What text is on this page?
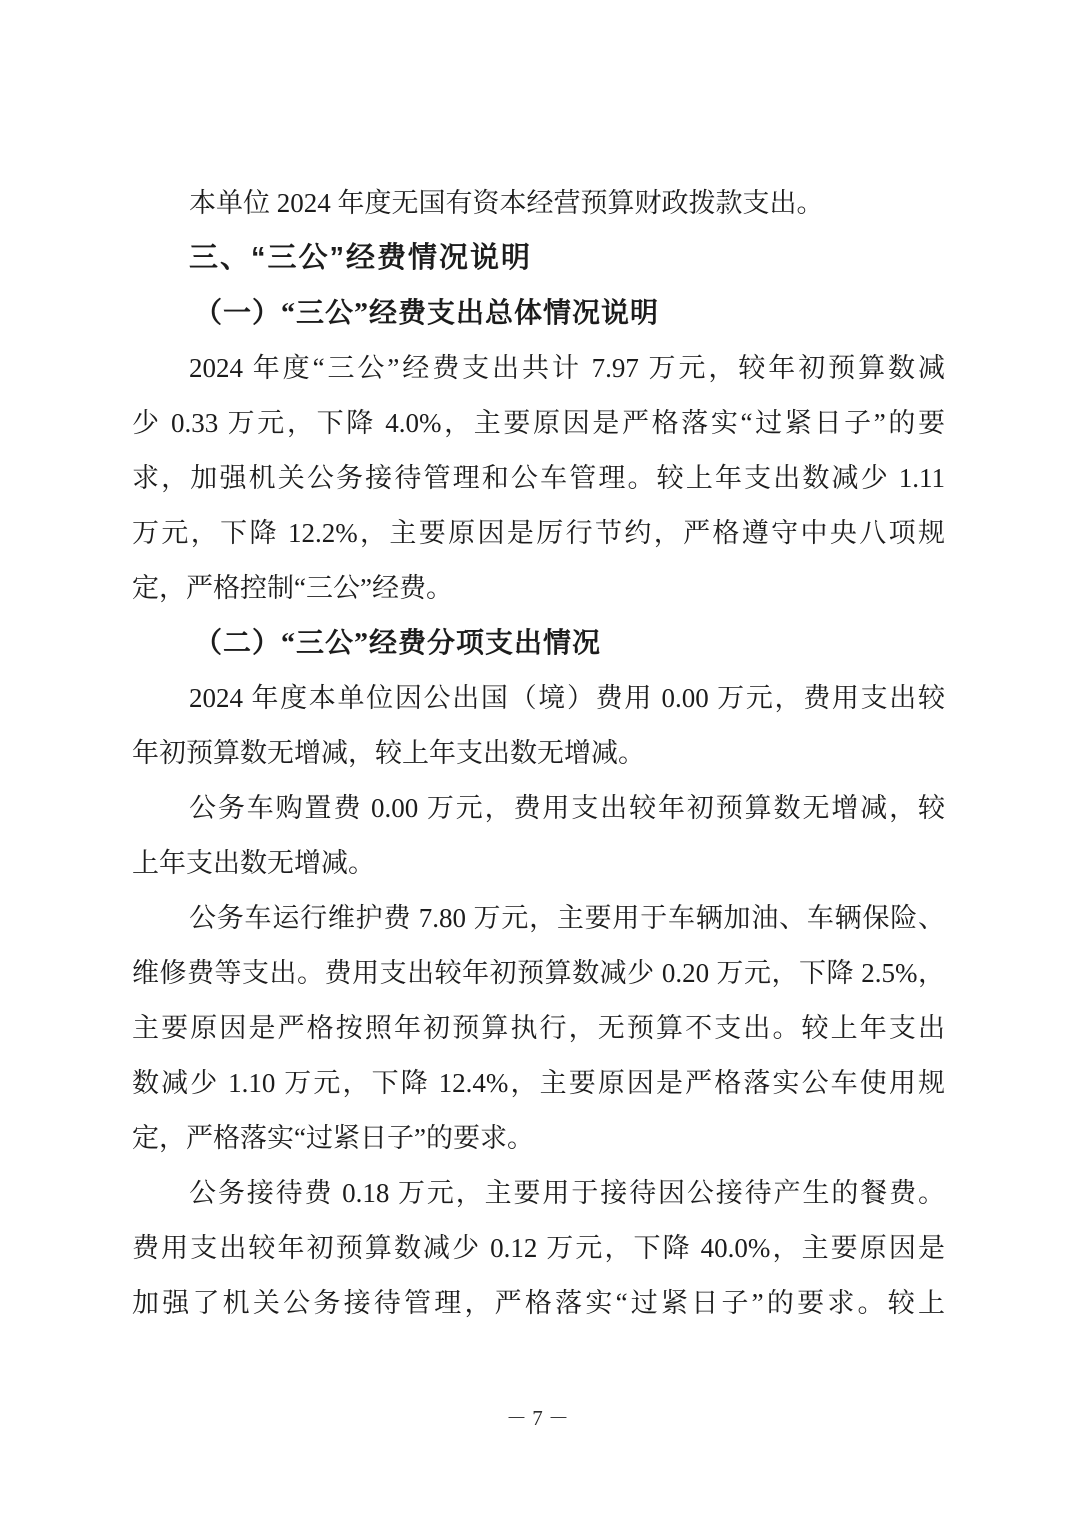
本单位 2024 年度无国有资本经营预算财政拨款支出。
三、“三公”经费情况说明
（一）“三公”经费支出总体情况说明
2024 年度“三公”经费支出共计 7.97 万元，较年初预算数减
少 0.33 万元，下降 4.0%，主要原因是严格落实“过紧日子”的要
求，加强机关公务接待管理和公车管理。较上年支出数减少 1.11
万元，下降 12.2%，主要原因是厉行节约，严格遵守中央八项规
定，严格控制“三公”经费。
（二）“三公”经费分项支出情况
2024 年度本单位因公出国（境）费用 0.00 万元，费用支出较
年初预算数无增减，较上年支出数无增减。
公务车购置费 0.00 万元，费用支出较年初预算数无增减，较
上年支出数无增减。
公务车运行维护费 7.80 万元，主要用于车辆加油、车辆保险、
维修费等支出。费用支出较年初预算数减少 0.20 万元，下降 2.5%，
主要原因是严格按照年初预算执行，无预算不支出。较上年支出
数减少 1.10 万元，下降 12.4%，主要原因是严格落实公车使用规
定，严格落实“过紧日子”的要求。
公务接待费 0.18 万元，主要用于接待因公接待产生的餐费。
费用支出较年初预算数减少 0.12 万元，下降 40.0%，主要原因是
加强了机关公务接待管理，严格落实“过紧日子”的要求。较上
－ 7 －
